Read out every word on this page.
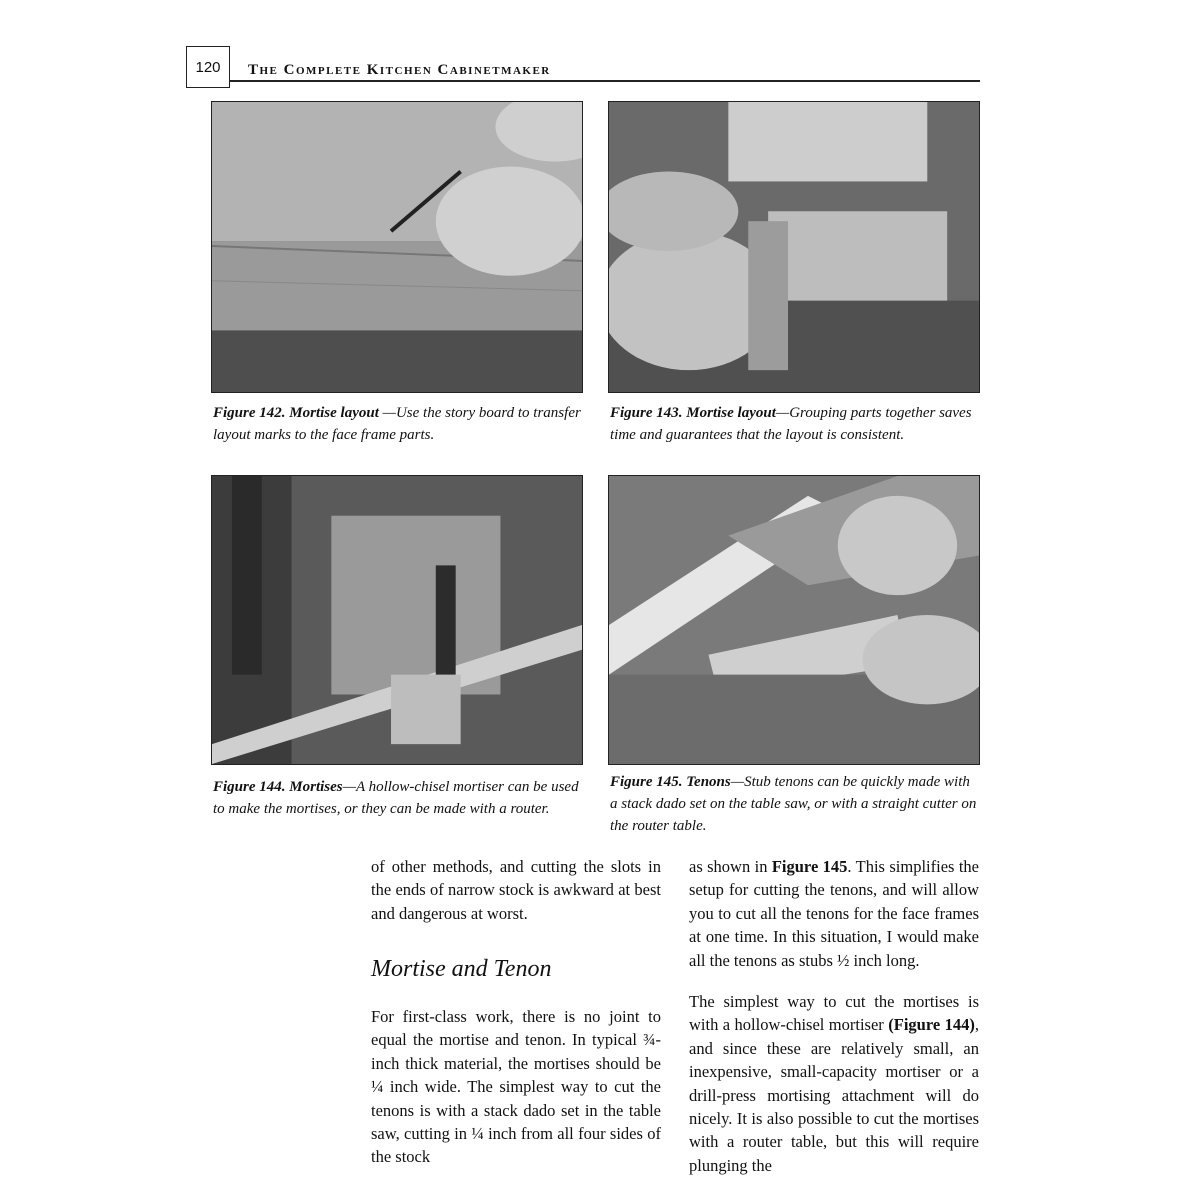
120	The Complete Kitchen Cabinetmaker
Figure 142. Mortise layout —Use the story board to transfer layout marks to the face frame parts.
Figure 143. Mortise layout—Grouping parts together saves time and guarantees that the layout is consistent.
Figure 144. Mortises—A hollow-chisel mortiser can be used to make the mortises, or they can be made with a router.
Figure 145. Tenons—Stub tenons can be quickly made with a stack dado set on the table saw, or with a straight cutter on the router table.

of other methods, and cutting the slots in the ends of narrow stock is awkward at best and dangerous at worst.

Mortise and Tenon

For first-class work, there is no joint to equal the mortise and tenon. In typical ¾-inch thick material, the mortises should be ¼ inch wide. The simplest way to cut the tenons is with a stack dado set in the table saw, cutting in ¼ inch from all four sides of the stock

as shown in Figure 145. This simplifies the setup for cutting the tenons, and will allow you to cut all the tenons for the face frames at one time. In this situation, I would make all the tenons as stubs ½ inch long.

The simplest way to cut the mortises is with a hollow-chisel mortiser (Figure 144), and since these are relatively small, an inexpensive, small-capacity mortiser or a drill-press mortising attachment will do nicely. It is also possible to cut the mortises with a router table, but this will require plunging the
